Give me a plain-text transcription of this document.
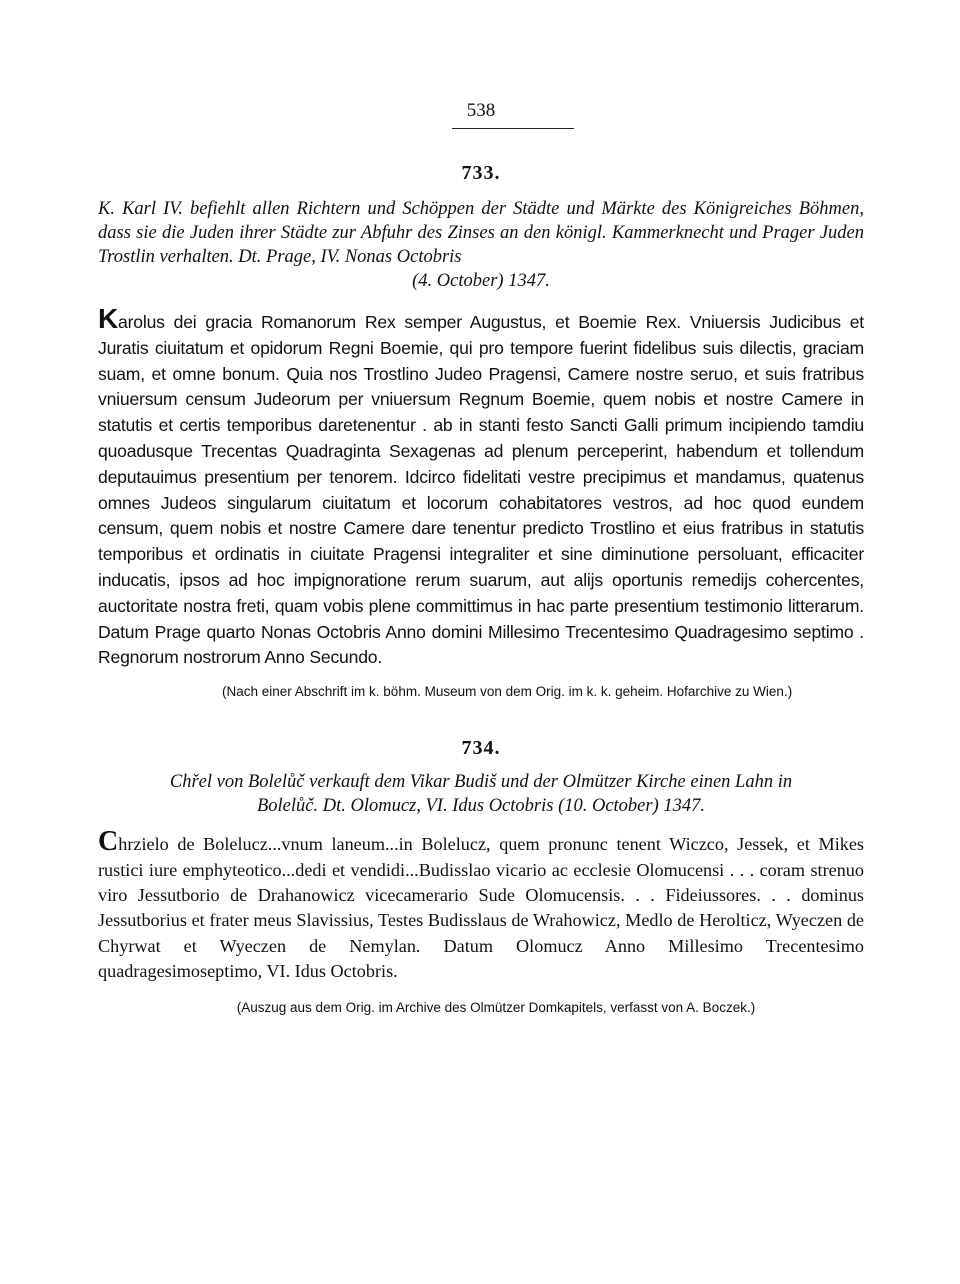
538
733.
K. Karl IV. befiehlt allen Richtern und Schöppen der Städte und Märkte des Königreiches Böhmen, dass sie die Juden ihrer Städte zur Abfuhr des Zinses an den königl. Kammerknecht und Prager Juden Trostlin verhalten. Dt. Prage, IV. Nonas Octobris
(4. October) 1347.
Karolus dei gracia Romanorum Rex semper Augustus, et Boemie Rex. Vniuersis Judicibus et Juratis ciuitatum et opidorum Regni Boemie, qui pro tempore fuerint fidelibus suis dilectis, graciam suam, et omne bonum. Quia nos Trostlino Judeo Pragensi, Camere nostre seruo, et suis fratribus vniuersum censum Judeorum per vniuersum Regnum Boemie, quem nobis et nostre Camere in statutis et certis temporibus daretenentur . ab in stanti festo Sancti Galli primum incipiendo tamdiu quoadusque Trecentas Quadraginta Sexagenas ad plenum perceperint, habendum et tollendum deputauimus presentium per tenorem. Idcirco fidelitati vestre precipimus et mandamus, quatenus omnes Judeos singularum ciuitatum et locorum cohabitatores vestros, ad hoc quod eundem censum, quem nobis et nostre Camere dare tenentur predicto Trostlino et eius fratribus in statutis temporibus et ordinatis in ciuitate Pragensi integraliter et sine diminutione persoluant, efficaciter inducatis, ipsos ad hoc impignoratione rerum suarum, aut alijs oportunis remedijs cohercentes, auctoritate nostra freti, quam vobis plene committimus in hac parte presentium testimonio litterarum. Datum Prage quarto Nonas Octobris Anno domini Millesimo Trecentesimo Quadragesimo septimo . Regnorum nostrorum Anno Secundo.
(Nach einer Abschrift im k. böhm. Museum von dem Orig. im k. k. geheim. Hofarchive zu Wien.)
734.
Chřel von Bolelůč verkauft dem Vikar Budiš und der Olmützer Kirche einen Lahn in
Bolelůč. Dt. Olomucz, VI. Idus Octobris (10. October) 1347.
Chrzielo de Bolelucz...vnum laneum...in Bolelucz, quem pronunc tenent Wiczco, Jessek, et Mikes rustici iure emphyteotico...dedi et vendidi...Budisslao vicario ac ecclesie Olomucensi . . . coram strenuo viro Jessutborio de Drahanowicz vicecamerario Sude Olomucensis. . . Fideiussores. . . dominus Jessutborius et frater meus Slavissius, Testes Budisslaus de Wrahowicz, Medlo de Herolticz, Wyeczen de Chyrwat et Wyeczen de Nemylan. Datum Olomucz Anno Millesimo Trecentesimo quadragesimoseptimo, VI. Idus Octobris.
(Auszug aus dem Orig. im Archive des Olmützer Domkapitels, verfasst von A. Boczek.)
